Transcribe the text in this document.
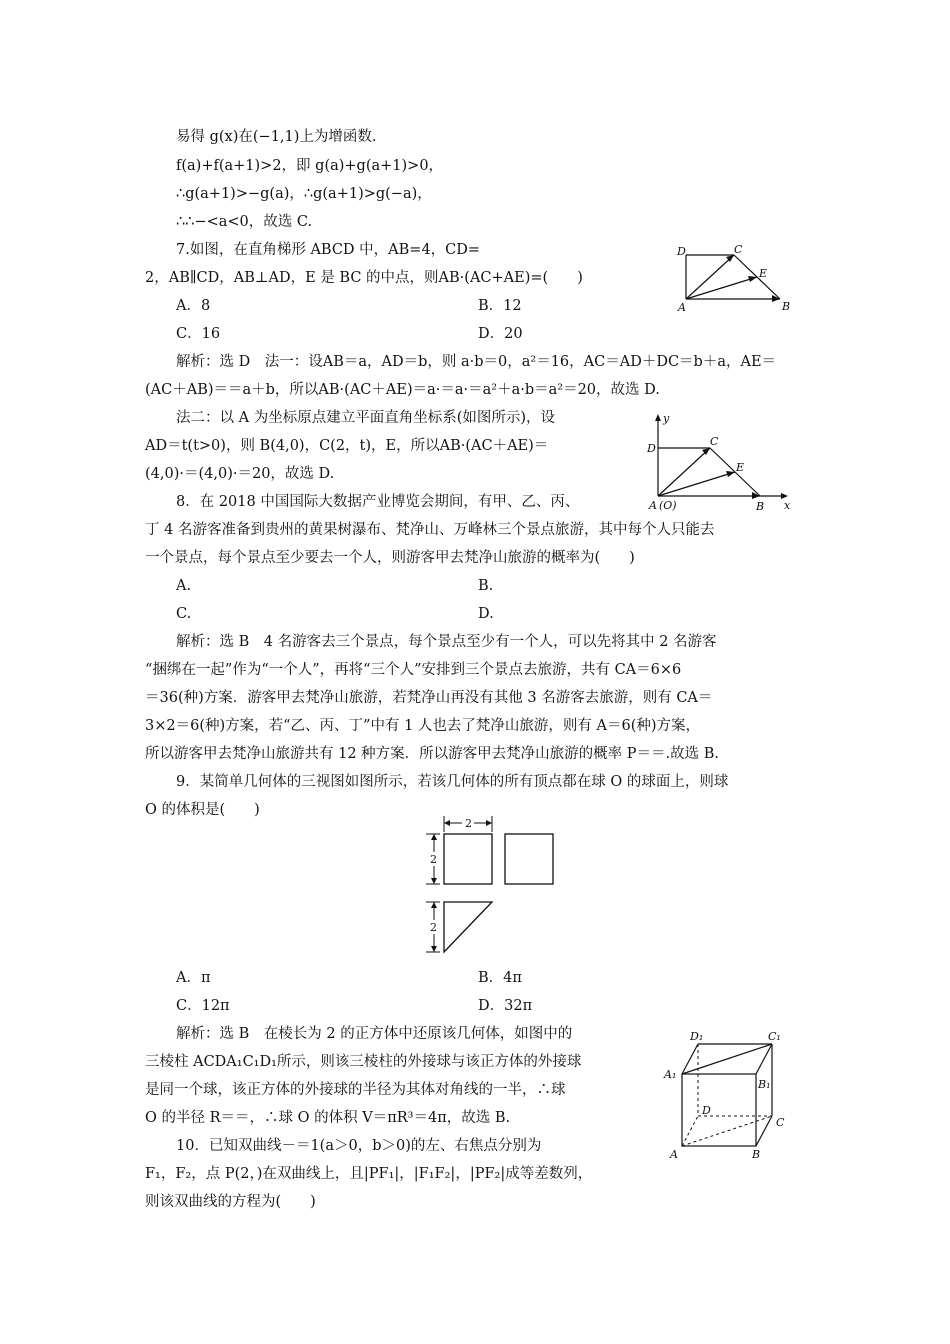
易得 g(x)在(−1,1)上为增函数.
f(a)+f(a+1)>2，即 g(a)+g(a+1)>0，
∴g(a+1)>−g(a)，∴g(a+1)>g(−a)，
∴∴−<a<0，故选 C.
7.如图，在直角梯形 ABCD 中，AB=4，CD=
2，AB∥CD，AB⊥AD，E 是 BC 的中点，则AB·(AC+AE)=(　　)
A．8	B．12
C．16	D．20
D	C
E
A	B
解析：选 D　法一：设AB＝a，AD＝b，则 a·b＝0，a²＝16，AC＝AD＋DC＝b＋a，AE＝
(AC＋AB)＝＝a＋b，所以AB·(AC＋AE)＝a·＝a·＝a²＋a·b＝a²＝20，故选 D.
法二：以 A 为坐标原点建立平面直角坐标系(如图所示)，设
AD＝t(t>0)，则 B(4,0)，C(2，t)，E，所以AB·(AC＋AE)＝
(4,0)·＝(4,0)·＝20，故选 D.
y
D
C
E
A (O)	B x
8．在 2018 中国国际大数据产业博览会期间，有甲、乙、丙、
丁 4 名游客准备到贵州的黄果树瀑布、梵净山、万峰林三个景点旅游，其中每个人只能去
一个景点，每个景点至少要去一个人，则游客甲去梵净山旅游的概率为(　　)
A.	B.
C.	D.
解析：选 B　4 名游客去三个景点，每个景点至少有一个人，可以先将其中 2 名游客
“捆绑在一起”作为“一个人”，再将“三个人”安排到三个景点去旅游，共有 CA＝6×6
＝36(种)方案．游客甲去梵净山旅游，若梵净山再没有其他 3 名游客去旅游，则有 CA＝
3×2＝6(种)方案，若“乙、丙、丁”中有 1 人也去了梵净山旅游，则有 A＝6(种)方案，
所以游客甲去梵净山旅游共有 12 种方案．所以游客甲去梵净山旅游的概率 P＝＝.故选 B.
9．某简单几何体的三视图如图所示，若该几何体的所有顶点都在球 O 的球面上，则球
O 的体积是(　　)
2
2
2
A．π	B．4π
C．12π	D．32π
解析：选 B　在棱长为 2 的正方体中还原该几何体，如图中的
三棱柱 ACDA₁C₁D₁所示，则该三棱柱的外接球与该正方体的外接球
是同一个球，该正方体的外接球的半径为其体对角线的一半，∴球
O 的半径 R＝＝，∴球 O 的体积 V＝πR³＝4π，故选 B.
D₁	C₁
A₁
B₁
D
C
A	B
10．已知双曲线－＝1(a＞0，b＞0)的左、右焦点分别为
F₁，F₂，点 P(2，)在双曲线上，且|PF₁|，|F₁F₂|，|PF₂|成等差数列，
则该双曲线的方程为(　　)
